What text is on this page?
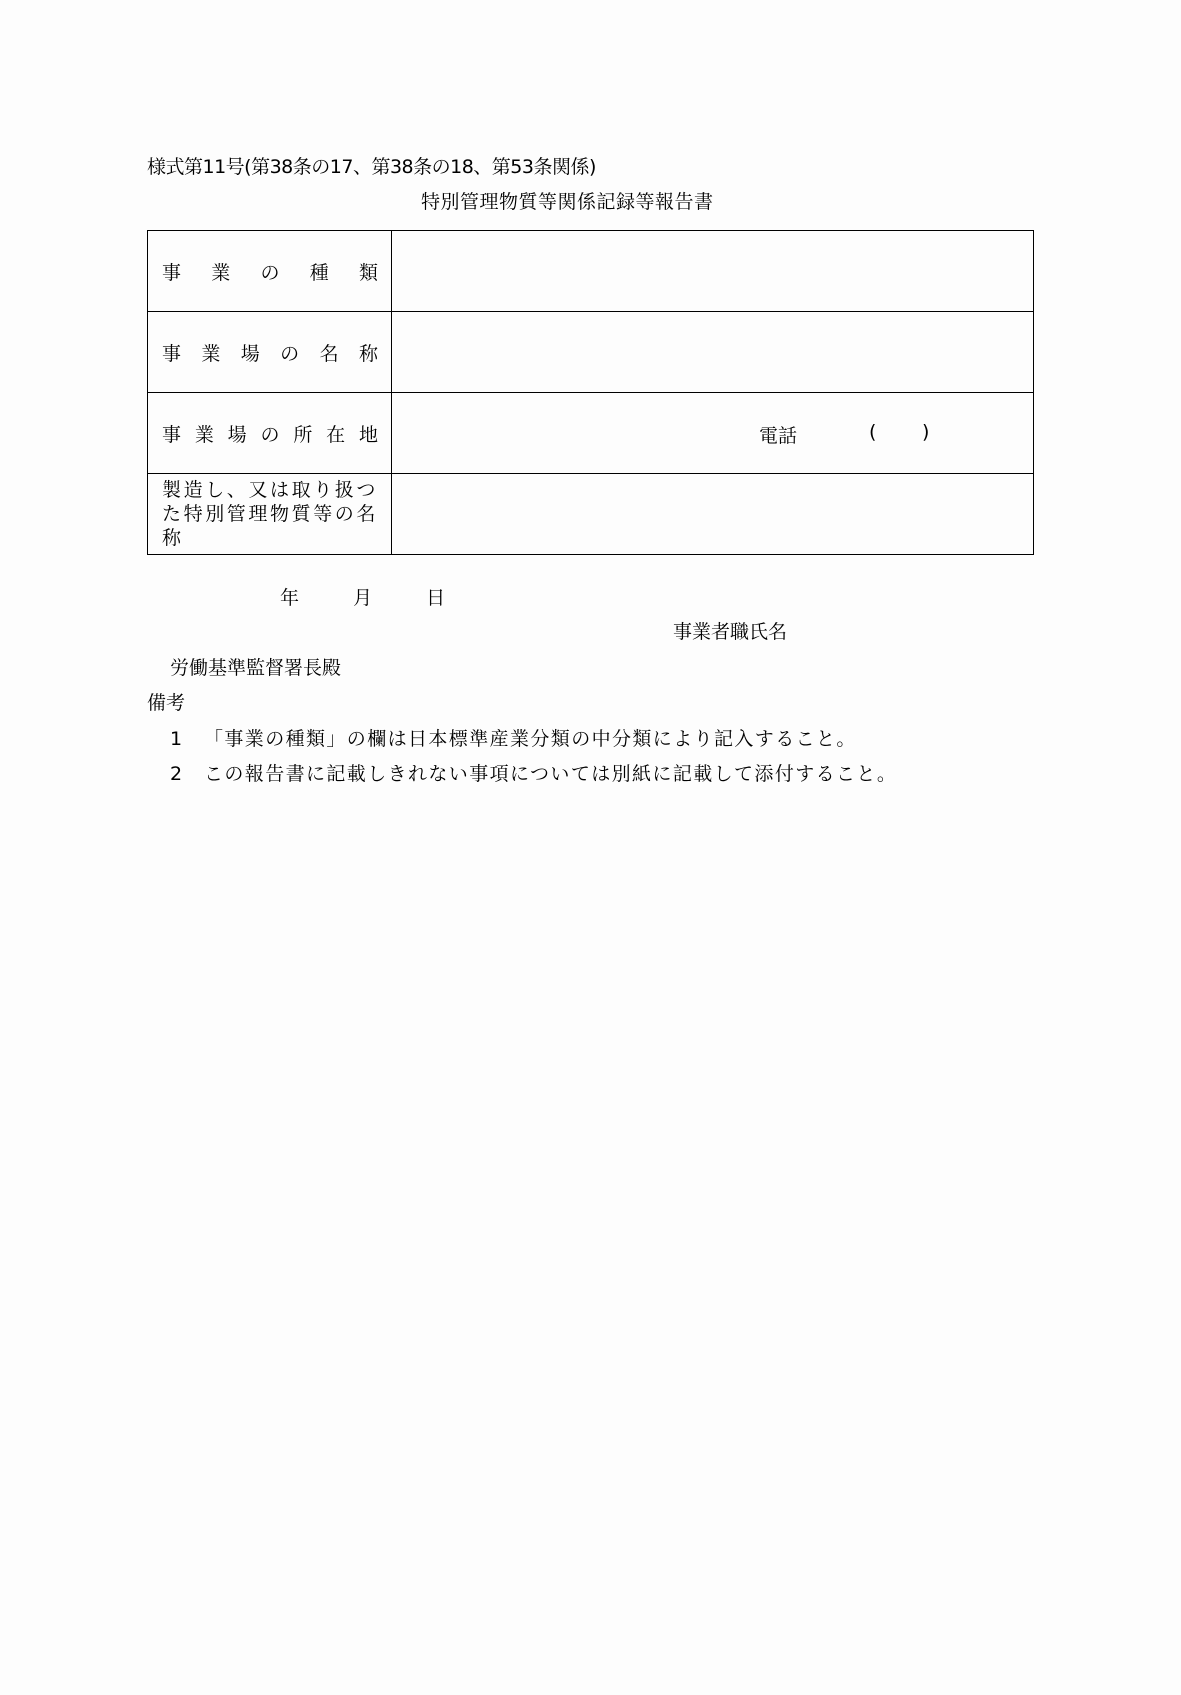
様式第11号(第38条の17、第38条の18、第53条関係)
特別管理物質等関係記録等報告書
事 業 の 種 類	

事 業 場 の 名 称

事 業 場 の 所 在 地	電話	( )

製造し、又は取り扱つた特別管理物質等の名称	

年	月	日
事業者職氏名
労働基準監督署長殿
備考
1 「事業の種類」の欄は日本標準産業分類の中分類により記入すること。
2 この報告書に記載しきれない事項については別紙に記載して添付すること。
